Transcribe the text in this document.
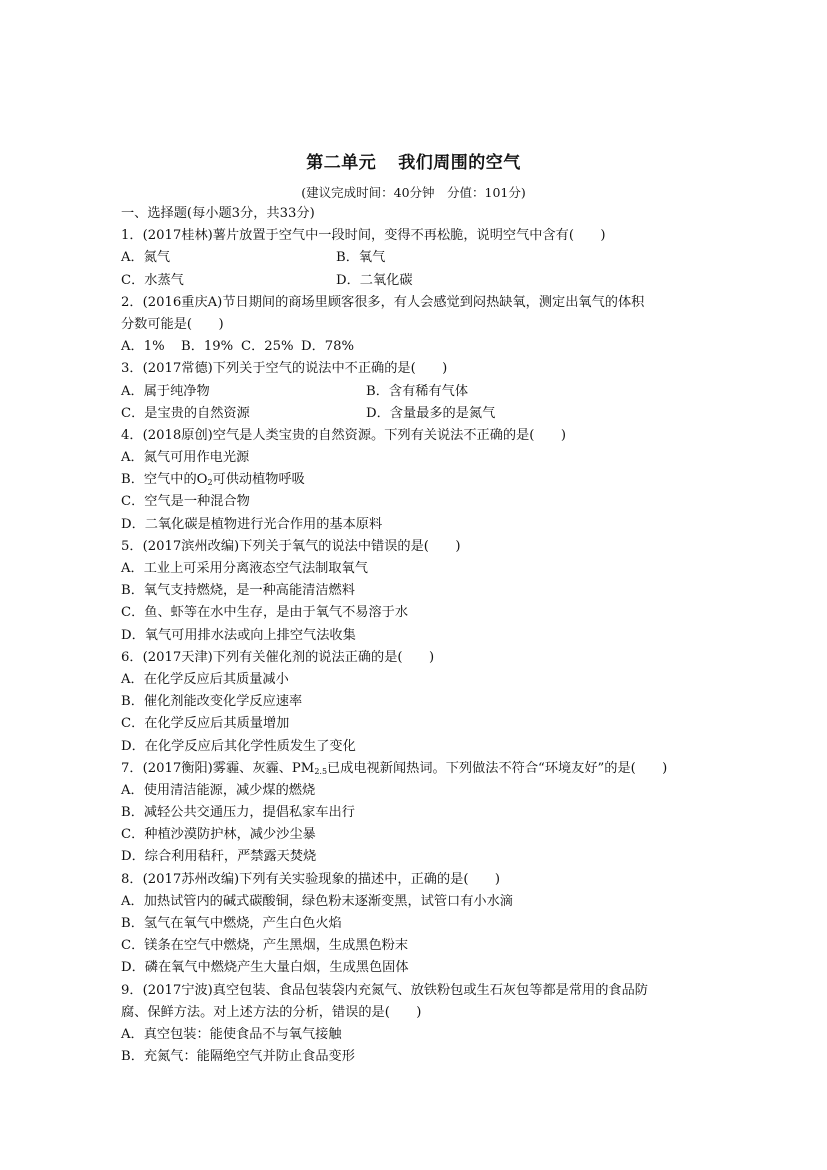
第二单元 我们周围的空气
(建议完成时间：40分钟　分值：101分)
一、选择题(每小题3分，共33分)
1．(2017桂林)薯片放置于空气中一段时间，变得不再松脆，说明空气中含有(　　)
A．氮气	B．氧气
C．水蒸气	D．二氧化碳
2．(2016重庆A)节日期间的商场里顾客很多，有人会感觉到闷热缺氧，测定出氧气的体积
分数可能是(　　)
A．1% B．19% C．25% D．78%
3．(2017常德)下列关于空气的说法中不正确的是(　　)
A．属于纯净物	B．含有稀有气体
C．是宝贵的自然资源	D．含量最多的是氮气
4．(2018原创)空气是人类宝贵的自然资源。下列有关说法不正确的是(　　)
A．氮气可用作电光源
B．空气中的$O_2$可供动植物呼吸
C．空气是一种混合物
D．二氧化碳是植物进行光合作用的基本原料
5．(2017滨州改编)下列关于氧气的说法中错误的是(　　)
A．工业上可采用分离液态空气法制取氧气
B．氧气支持燃烧，是一种高能清洁燃料
C．鱼、虾等在水中生存，是由于氧气不易溶于水
D．氧气可用排水法或向上排空气法收集
6．(2017天津)下列有关催化剂的说法正确的是(　　)
A．在化学反应后其质量减小
B．催化剂能改变化学反应速率
C．在化学反应后其质量增加
D．在化学反应后其化学性质发生了变化
7．(2017衡阳)雾霾、灰霾、$PM_{2.5}$已成电视新闻热词。下列做法不符合“环境友好”的是(　　)
A．使用清洁能源，减少煤的燃烧
B．减轻公共交通压力，提倡私家车出行
C．种植沙漠防护林，减少沙尘暴
D．综合利用秸秆，严禁露天焚烧
8．(2017苏州改编)下列有关实验现象的描述中，正确的是(　　)
A．加热试管内的碱式碳酸铜，绿色粉末逐渐变黑，试管口有小水滴
B．氢气在氧气中燃烧，产生白色火焰
C．镁条在空气中燃烧，产生黑烟，生成黑色粉末
D．磷在氧气中燃烧产生大量白烟，生成黑色固体
9．(2017宁波)真空包装、食品包装袋内充氮气、放铁粉包或生石灰包等都是常用的食品防
腐、保鲜方法。对上述方法的分析，错误的是(　　)
A．真空包装：能使食品不与氧气接触
B．充氮气：能隔绝空气并防止食品变形
